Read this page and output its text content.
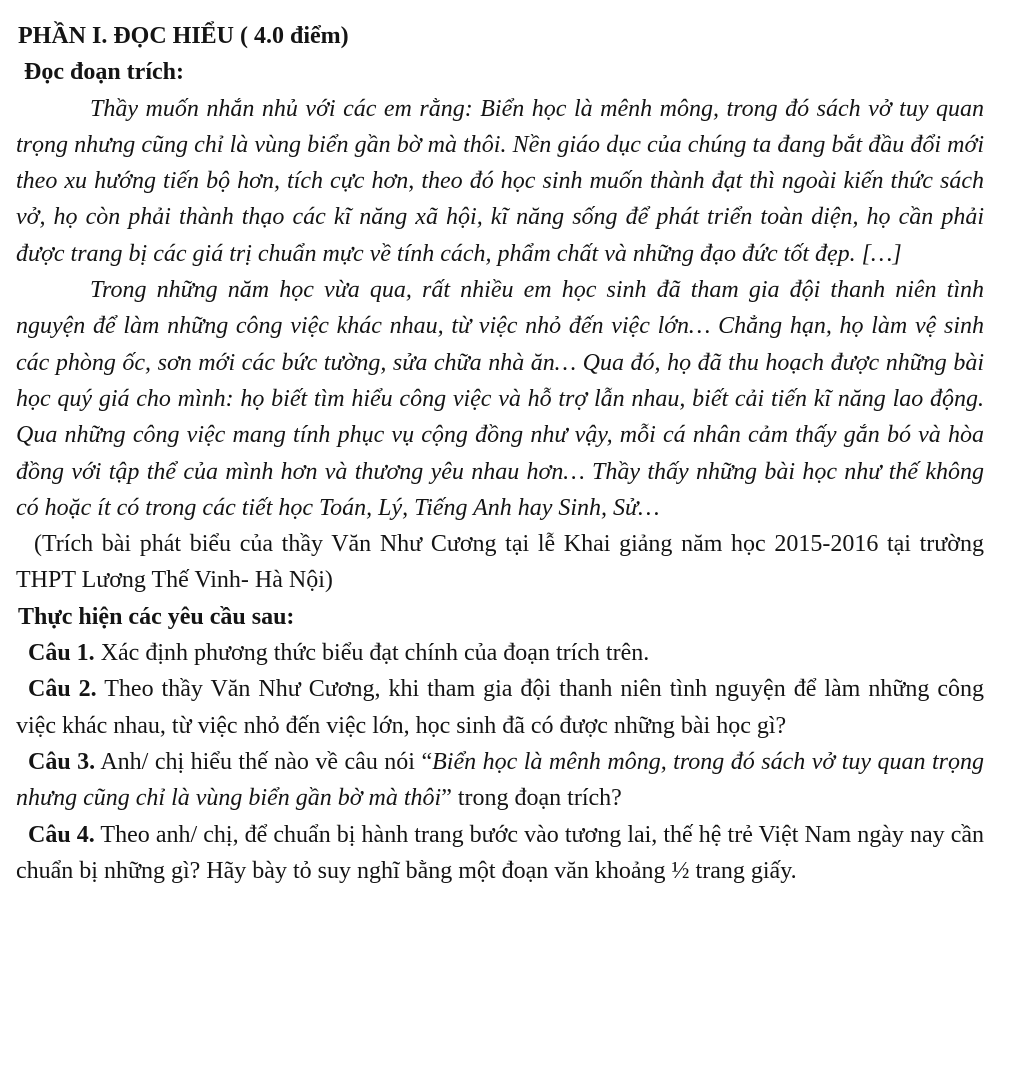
PHẦN I. ĐỌC HIỂU ( 4.0 điểm)

Đọc đoạn trích:

Thầy muốn nhắn nhủ với các em rằng: Biển học là mênh mông, trong đó sách vở tuy quan trọng nhưng cũng chỉ là vùng biển gần bờ mà thôi. Nền giáo dục của chúng ta đang bắt đầu đổi mới theo xu hướng tiến bộ hơn, tích cực hơn, theo đó học sinh muốn thành đạt thì ngoài kiến thức sách vở, họ còn phải thành thạo các kĩ năng xã hội, kĩ năng sống để phát triển toàn diện, họ cần phải được trang bị các giá trị chuẩn mực về tính cách, phẩm chất và những đạo đức tốt đẹp. […]

Trong những năm học vừa qua, rất nhiều em học sinh đã tham gia đội thanh niên tình nguyện để làm những công việc khác nhau, từ việc nhỏ đến việc lớn… Chẳng hạn, họ làm vệ sinh các phòng ốc, sơn mới các bức tường, sửa chữa nhà ăn… Qua đó, họ đã thu hoạch được những bài học quý giá cho mình: họ biết tìm hiểu công việc và hỗ trợ lẫn nhau, biết cải tiến kĩ năng lao động. Qua những công việc mang tính phục vụ cộng đồng như vậy, mỗi cá nhân cảm thấy gắn bó và hòa đồng với tập thể của mình hơn và thương yêu nhau hơn… Thầy thấy những bài học như thế không có hoặc ít có trong các tiết học Toán, Lý, Tiếng Anh hay Sinh, Sử…

(Trích bài phát biểu của thầy Văn Như Cương tại lễ Khai giảng năm học 2015-2016 tại trường THPT Lương Thế Vinh- Hà Nội)

Thực hiện các yêu cầu sau:

Câu 1. Xác định phương thức biểu đạt chính của đoạn trích trên.

Câu 2. Theo thầy Văn Như Cương, khi tham gia đội thanh niên tình nguyện để làm những công việc khác nhau, từ việc nhỏ đến việc lớn, học sinh đã có được những bài học gì?

Câu 3. Anh/ chị hiểu thế nào về câu nói “Biển học là mênh mông, trong đó sách vở tuy quan trọng nhưng cũng chỉ là vùng biển gần bờ mà thôi” trong đoạn trích?

Câu 4. Theo anh/ chị, để chuẩn bị hành trang bước vào tương lai, thế hệ trẻ Việt Nam ngày nay cần chuẩn bị những gì? Hãy bày tỏ suy nghĩ bằng một đoạn văn khoảng ½ trang giấy.
